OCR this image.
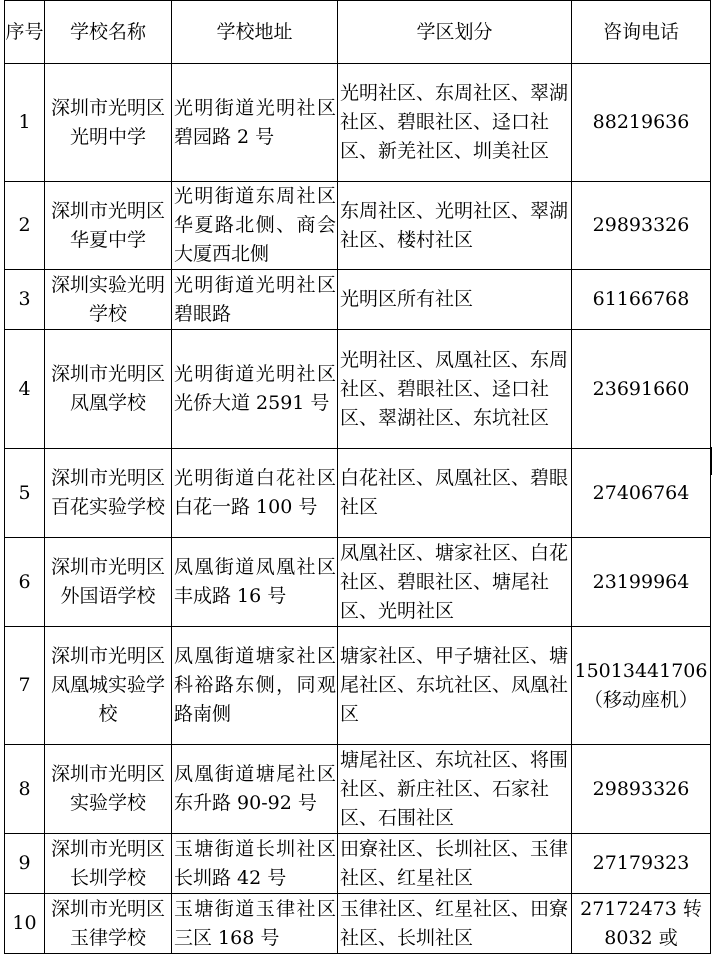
序号	学校名称	学校地址	学区划分	咨询电话
1	深圳市光明区光明中学	光明街道光明社区碧园路 2 号	光明社区、东周社区、翠湖社区、碧眼社区、迳口社区、新羌社区、圳美社区	88219636
2	深圳市光明区华夏中学	光明街道东周社区华夏路北侧、商会大厦西北侧	东周社区、光明社区、翠湖社区、楼村社区	29893326
3	深圳实验光明学校	光明街道光明社区碧眼路	光明区所有社区	61166768
4	深圳市光明区凤凰学校	光明街道光明社区光侨大道 2591 号	光明社区、凤凰社区、东周社区、碧眼社区、迳口社区、翠湖社区、东坑社区	23691660
5	深圳市光明区百花实验学校	光明街道白花社区白花一路 100 号	白花社区、凤凰社区、碧眼社区	27406764
6	深圳市光明区外国语学校	凤凰街道凤凰社区丰成路 16 号	凤凰社区、塘家社区、白花社区、碧眼社区、塘尾社区、光明社区	23199964
7	深圳市光明区凤凰城实验学校	凤凰街道塘家社区科裕路东侧，同观路南侧	塘家社区、甲子塘社区、塘尾社区、东坑社区、凤凰社区	15013441706（移动座机）
8	深圳市光明区实验学校	凤凰街道塘尾社区东升路 90-92 号	塘尾社区、东坑社区、将围社区、新庄社区、石家社区、石围社区	29893326
9	深圳市光明区长圳学校	玉塘街道长圳社区长圳路 42 号	田寮社区、长圳社区、玉律社区、红星社区	27179323
10	深圳市光明区玉律学校	玉塘街道玉律社区三区 168 号	玉律社区、红星社区、田寮社区、长圳社区	27172473 转 8032 或
